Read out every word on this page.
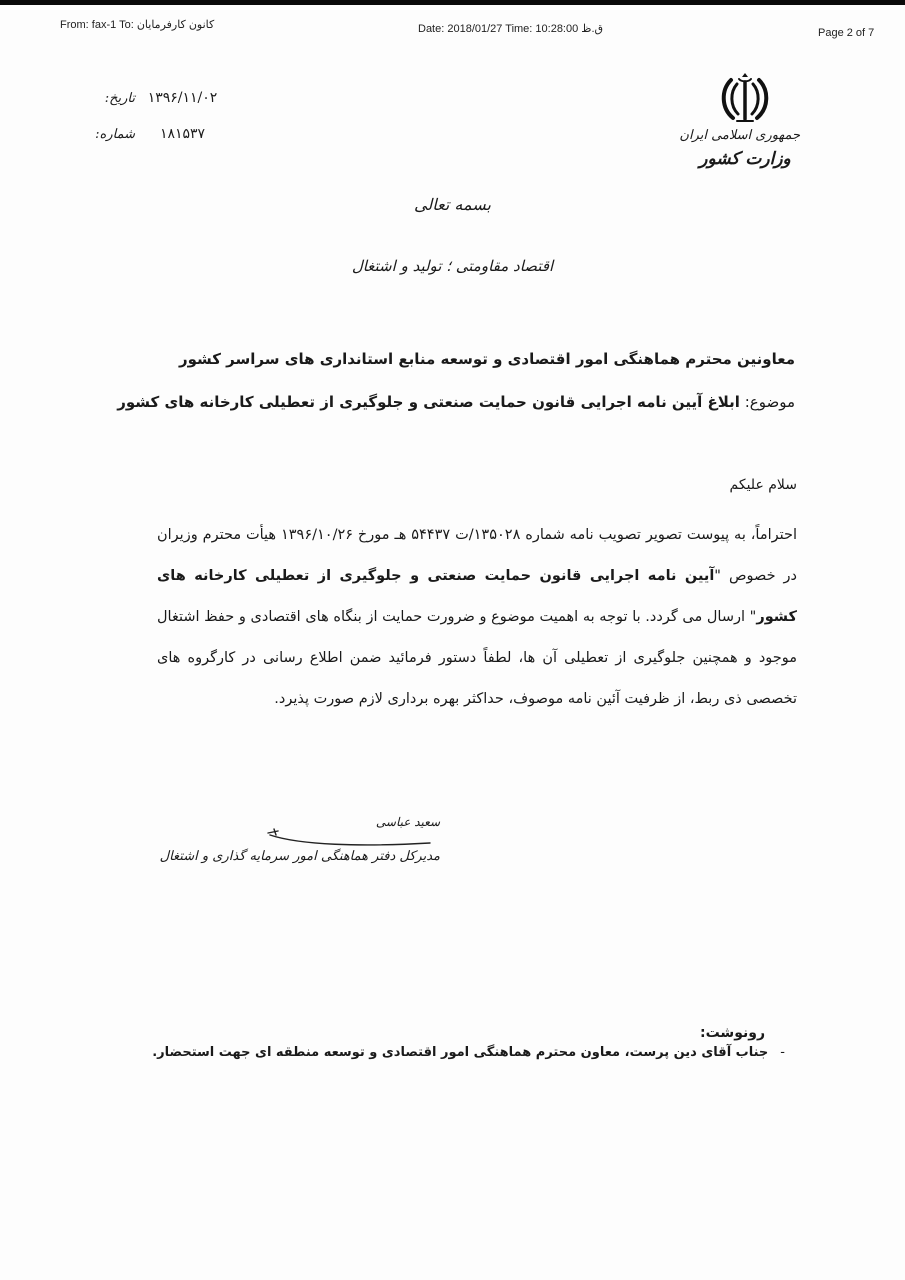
From: fax-1 To: کانون کارفرمایان	Date: 2018/01/27 Time: 10:28:00 ق.ظ	Page 2 of 7
تاریخ: ۱۳۹۶/۱۱/۰۲
شماره:	۱۸۱۵۳۷	جمهوری اسلامی ایران
وزارت کشور
بسمه تعالی
اقتصاد مقاومتی ؛ تولید و اشتغال
معاونین محترم هماهنگی امور اقتصادی و توسعه منابع استانداری های سراسر کشور
موضوع: ابلاغ آیین نامه اجرایی قانون حمایت صنعتی و جلوگیری از تعطیلی کارخانه های کشور
سلام علیکم
احتراماً، به پیوست تصویر تصویب نامه شماره ۱۳۵۰۲۸/ت ۵۴۴۳۷ هـ مورخ ۱۳۹۶/۱۰/۲۶ هیأت محترم وزیران در خصوص "آیین نامه اجرایی قانون حمایت صنعتی و جلوگیری از تعطیلی کارخانه های کشور" ارسال می گردد. با توجه به اهمیت موضوع و ضرورت حمایت از بنگاه های اقتصادی و حفظ اشتغال موجود و همچنین جلوگیری از تعطیلی آن ها، لطفاً دستور فرمائید ضمن اطلاع رسانی در کارگروه های تخصصی ذی ربط، از ظرفیت آئین نامه موصوف، حداکثر بهره برداری لازم صورت پذیرد.
سعید عباسی
مدیرکل دفتر هماهنگی امور سرمایه گذاری و اشتغال
رونوشت:
-جناب آقای دین پرست، معاون محترم هماهنگی امور اقتصادی و توسعه منطقه ای جهت استحضار.
